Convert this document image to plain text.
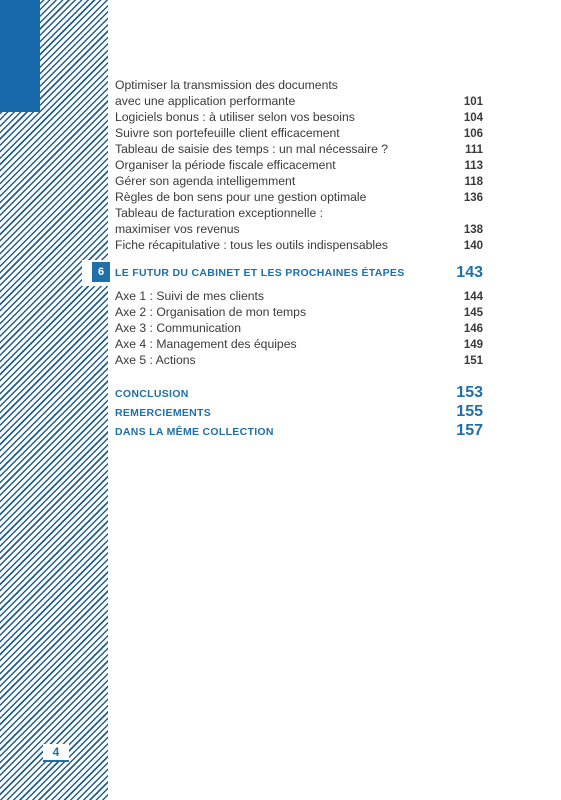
Optimiser la transmission des documents
avec une application performante	101
Logiciels bonus : à utiliser selon vos besoins	104
Suivre son portefeuille client efficacement	106
Tableau de saisie des temps : un mal nécessaire ?	111
Organiser la période fiscale efficacement	113
Gérer son agenda intelligemment	118
Règles de bon sens pour une gestion optimale	136
Tableau de facturation exceptionnelle :
maximiser vos revenus	138
Fiche récapitulative : tous les outils indispensables	140
6	LE FUTUR DU CABINET ET LES PROCHAINES ÉTAPES	143
Axe 1 : Suivi de mes clients	144
Axe 2 : Organisation de mon temps	145
Axe 3 : Communication	146
Axe 4 : Management des équipes	149
Axe 5 : Actions	151
CONCLUSION	153
REMERCIEMENTS	155
DANS LA MÊME COLLECTION	157
4
